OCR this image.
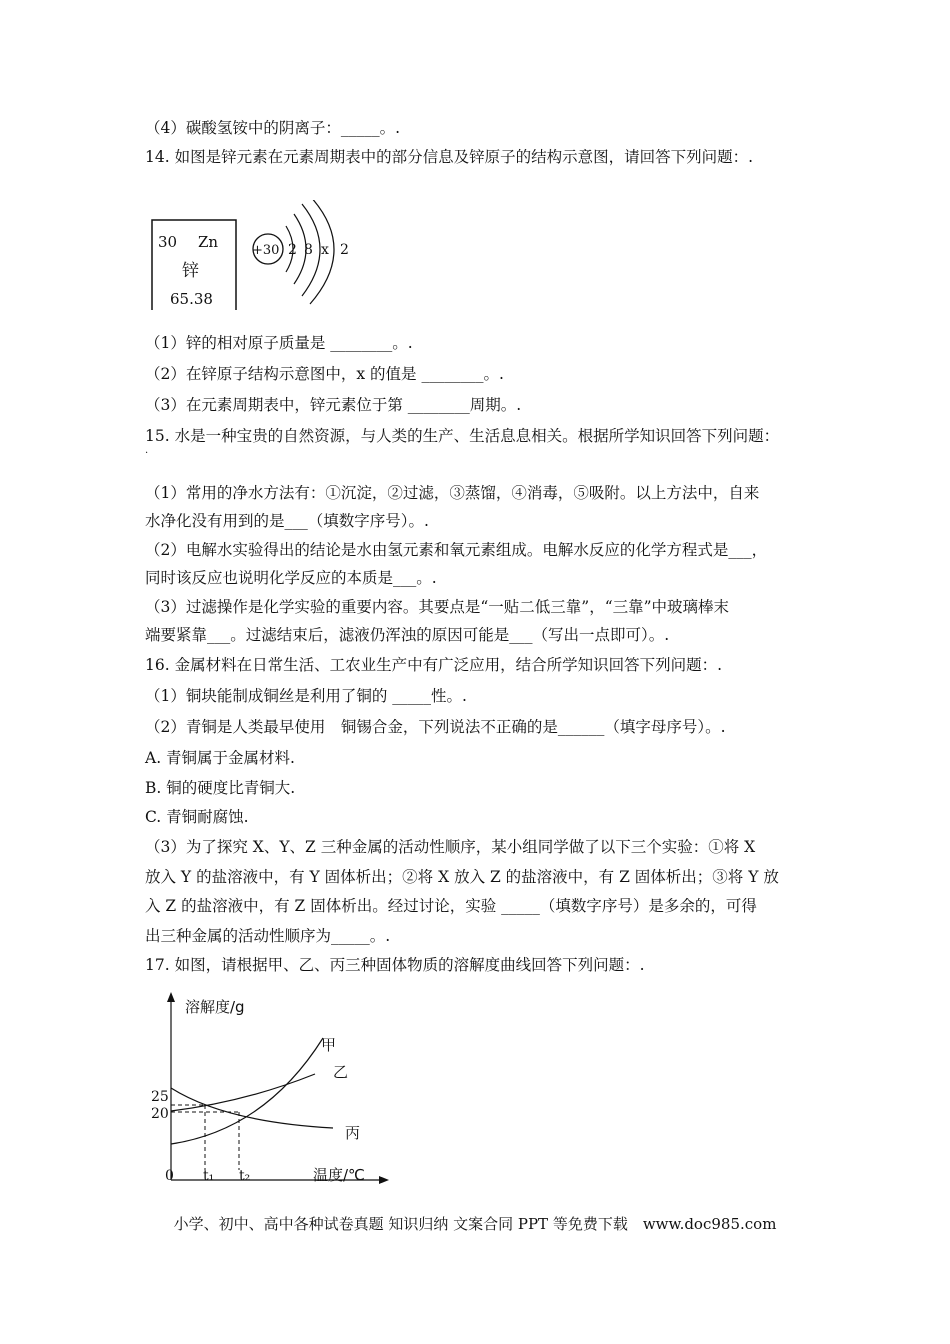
（4）碳酸氢铵中的阴离子：_____。.
14. 如图是锌元素在元素周期表中的部分信息及锌原子的结构示意图，请回答下列问题：.
30 Zn
锌
65.38
+30 2 8 x 2
（1）锌的相对原子质量是 ________。.
（2）在锌原子结构示意图中，x 的值是 ________。.
（3）在元素周期表中，锌元素位于第 ________周期。.
15. 水是一种宝贵的自然资源，与人类的生产、生活息息相关。根据所学知识回答下列问题：
.
（1）常用的净水方法有：①沉淀，②过滤，③蒸馏，④消毒，⑤吸附。以上方法中，自来
水净化没有用到的是___（填数字序号）。.
（2）电解水实验得出的结论是水由氢元素和氧元素组成。电解水反应的化学方程式是___，
同时该反应也说明化学反应的本质是___。.
（3）过滤操作是化学实验的重要内容。其要点是“一贴二低三靠”，“三靠”中玻璃棒末
端要紧靠___。过滤结束后，滤液仍浑浊的原因可能是___（写出一点即可）。.
16. 金属材料在日常生活、工农业生产中有广泛应用，结合所学知识回答下列问题：.
（1）铜块能制成铜丝是利用了铜的 _____性。.
（2）青铜是人类最早使用　铜锡合金，下列说法不正确的是______（填字母序号）。.
A. 青铜属于金属材料.
B. 铜的硬度比青铜大.
C. 青铜耐腐蚀.
（3）为了探究 X、Y、Z 三种金属的活动性顺序，某小组同学做了以下三个实验：①将 X
放入 Y 的盐溶液中，有 Y 固体析出；②将 X 放入 Z 的盐溶液中，有 Z 固体析出；③将 Y 放
入 Z 的盐溶液中，有 Z 固体析出。经过讨论，实验 _____（填数字序号）是多余的，可得
出三种金属的活动性顺序为_____。.
17. 如图，请根据甲、乙、丙三种固体物质的溶解度曲线回答下列问题：.
溶解度/g
温度/℃
0 t₁ t₂
25
20
甲
乙
丙
小学、初中、高中各种试卷真题 知识归纳 文案合同 PPT 等免费下载　www.doc985.com
